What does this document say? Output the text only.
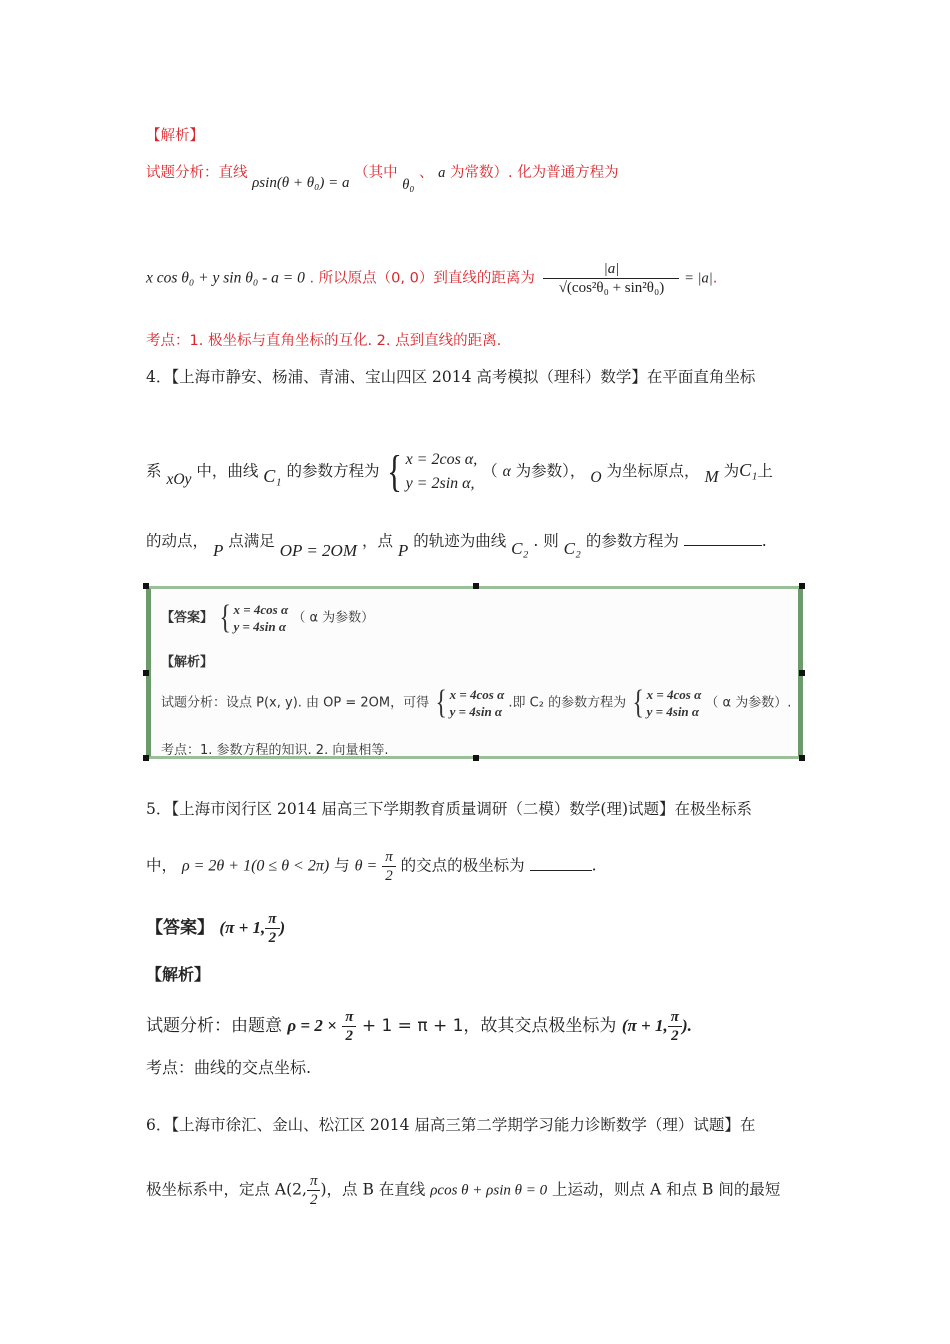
【解析】
试题分析：直线 ρsin(θ + θ₀) = a （其中 θ₀ 、 a 为常数）. 化为普通方程为
x cos θ₀ + y sin θ₀ - a = 0 . 所以原点（0, 0）到直线的距离为 $\frac{|a|}{\text{√(cos²θ₀ + sin²θ₀)}} = |a|$.
考点：1. 极坐标与直角坐标的互化. 2. 点到直线的距离.
4．【上海市静安、杨浦、青浦、宝山四区 2014 高考模拟（理科）数学】在平面直角坐标
系 xOy 中，曲线 C₁ 的参数方程为 { x = 2cos α,
y = 2sin α,
（ α 为参数）， O 为坐标原点， M 为C₁上
的动点， P 点满足 OP = 2OM ，点 P 的轨迹为曲线 C₂ . 则 C₂ 的参数方程为	.
【答案】 { x = 4cos α
y = 4sin α
（ α 为参数）
【解析】
试题分析：设点 P(x, y). 由 OP = 2OM，可得 { x = 4cos α
y = 4sin α
.即 C₂ 的参数方程为 { x = 4cos α
y = 4sin α
（ α 为参数）.
考点：1. 参数方程的知识. 2. 向量相等.
5．【上海市闵行区 2014 届高三下学期教育质量调研（二模）数学(理)试题】在极坐标系
中， ρ = 2θ + 1(0 ≤ θ < 2π) 与 $\theta = \frac{\pi}{2}$ 的交点的极坐标为	.
【答案】 (π + 1, $\frac{\pi}{2}$ )
【解析】
试题分析：由题意 $\rho = 2 \times \frac{\pi}{2} + 1 = \pi + 1$，故其交点极坐标为 (π + 1, $\frac{\pi}{2}$ ).
考点：曲线的交点坐标.
6．【上海市徐汇、金山、松江区 2014 届高三第二学期学习能力诊断数学（理）试题】在
极坐标系中，定点 A(2, $\frac{\pi}{2}$ )，点 B 在直线 ρcos θ + ρsin θ = 0 上运动，则点 A 和点 B 间的最短
